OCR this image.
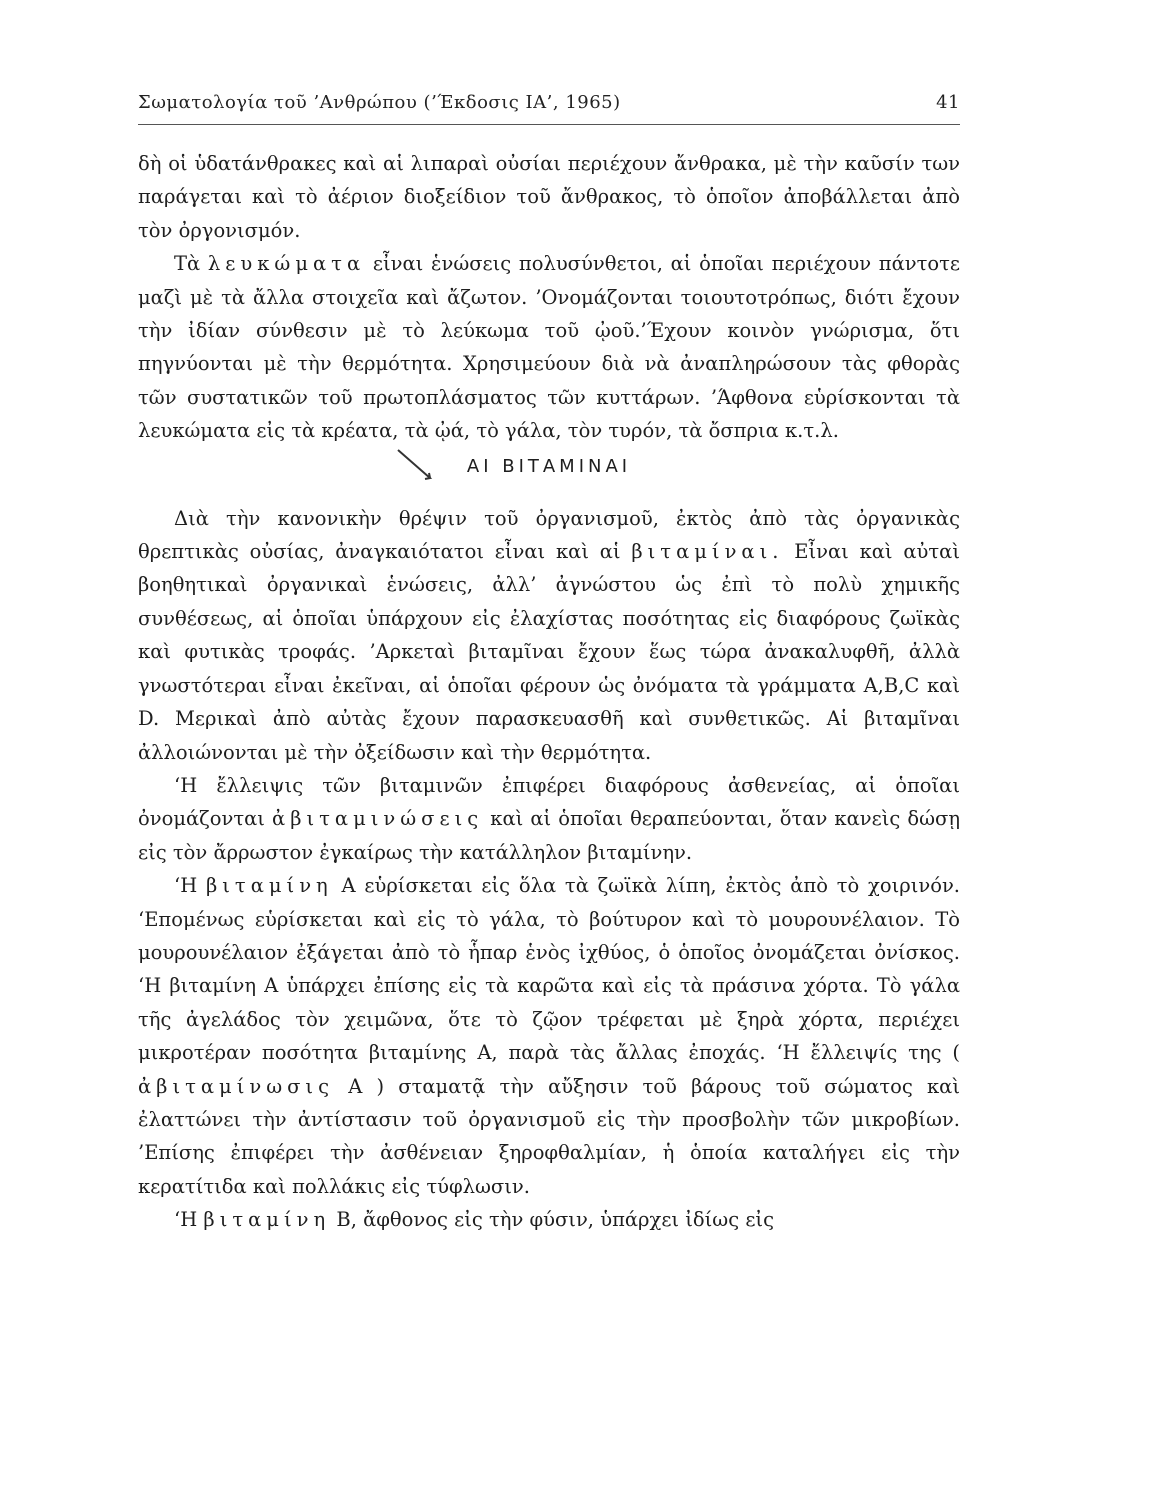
Σωματολογία τοῦ ’Ανθρώπου (’Έκδοσις ΙΑ’, 1965)	41

δὴ οἱ ὑδατάνθρακες καὶ αἱ λιπαραὶ οὐσίαι περιέχουν ἄνθρακα, μὲ τὴν καῦσίν των παράγεται καὶ τὸ ἀέριον διοξείδιον τοῦ ἄνθρακος, τὸ ὁποῖον ἀποβάλλεται ἀπὸ τὸν ὀργονισμόν.

Τὰ λευκώματα εἶναι ἑνώσεις πολυσύνθετοι, αἱ ὁποῖαι περιέχουν πάντοτε μαζὶ μὲ τὰ ἄλλα στοιχεῖα καὶ ἄζωτον. ’Ονομάζονται τοιουτοτρόπως, διότι ἔχουν τὴν ἰδίαν σύνθεσιν μὲ τὸ λεύκωμα τοῦ ᾠοῦ.’Έχουν κοινὸν γνώρισμα, ὅτι πηγνύονται μὲ τὴν θερμότητα. Χρησιμεύουν διὰ νὰ ἀναπληρώσουν τὰς φθορὰς τῶν συστατικῶν τοῦ πρωτοπλάσματος τῶν κυττάρων. ’Άφθονα εὑρίσκονται τὰ λευκώματα εἰς τὰ κρέατα, τὰ ᾠά, τὸ γάλα, τὸν τυρόν, τὰ ὄσπρια κ.τ.λ.

ΑΙ ΒΙΤΑΜΙΝΑΙ

Διὰ τὴν κανονικὴν θρέψιν τοῦ ὀργανισμοῦ, ἐκτὸς ἀπὸ τὰς ὀργανικὰς θρεπτικὰς οὐσίας, ἀναγκαιότατοι εἶναι καὶ αἱ βιταμίναι. Εἶναι καὶ αὐταὶ βοηθητικαὶ ὀργανικαὶ ἑνώσεις, ἀλλ’ ἀγνώστου ὡς ἐπὶ τὸ πολὺ χημικῆς συνθέσεως, αἱ ὁποῖαι ὑπάρχουν εἰς ἐλαχίστας ποσότητας εἰς διαφόρους ζωϊκὰς καὶ φυτικὰς τροφάς. ’Αρκεταὶ βιταμῖναι ἔχουν ἕως τώρα ἀνακαλυφθῆ, ἀλλὰ γνωστότεραι εἶναι ἐκεῖναι, αἱ ὁποῖαι φέρουν ὡς ὀνόματα τὰ γράμματα A,B,C καὶ D. Μερικαὶ ἀπὸ αὐτὰς ἔχουν παρασκευασθῆ καὶ συνθετικῶς. Αἱ βιταμῖναι ἀλλοιώνονται μὲ τὴν ὀξείδωσιν καὶ τὴν θερμότητα.

‘Η ἔλλειψις τῶν βιταμινῶν ἐπιφέρει διαφόρους ἀσθενείας, αἱ ὁποῖαι ὀνομάζονται ἀβιταμινώσεις καὶ αἱ ὁποῖαι θεραπεύονται, ὅταν κανεὶς δώσῃ εἰς τὸν ἄρρωστον ἐγκαίρως τὴν κατάλληλον βιταμίνην.

‘Η βιταμίνη A εὑρίσκεται εἰς ὅλα τὰ ζωϊκὰ λίπη, ἐκτὸς ἀπὸ τὸ χοιρινόν. ‘Επομένως εὑρίσκεται καὶ εἰς τὸ γάλα, τὸ βούτυρον καὶ τὸ μουρουνέλαιον. Τὸ μουρουνέλαιον ἐξάγεται ἀπὸ τὸ ἧπαρ ἑνὸς ἰχθύος, ὁ ὁποῖος ὀνομάζεται ὀνίσκος. ‘Η βιταμίνη Α ὑπάρχει ἐπίσης εἰς τὰ καρῶτα καὶ εἰς τὰ πράσινα χόρτα. Τὸ γάλα τῆς ἀγελάδος τὸν χειμῶνα, ὅτε τὸ ζῷον τρέφεται μὲ ξηρὰ χόρτα, περιέχει μικροτέραν ποσότητα βιταμίνης Α, παρὰ τὰς ἄλλας ἐποχάς. ‘Η ἔλλειψίς της ( ἀβιταμίνωσις Α ) σταματᾷ τὴν αὔξησιν τοῦ βάρους τοῦ σώματος καὶ ἐλαττώνει τὴν ἀντίστασιν τοῦ ὀργανισμοῦ εἰς τὴν προσβολὴν τῶν μικροβίων. ’Επίσης ἐπιφέρει τὴν ἀσθένειαν ξηροφθαλμίαν, ἡ ὁποία καταλήγει εἰς τὴν κερατίτιδα καὶ πολλάκις εἰς τύφλωσιν.

‘Η βιταμίνη B, ἄφθονος εἰς τὴν φύσιν, ὑπάρχει ἰδίως εἰς
